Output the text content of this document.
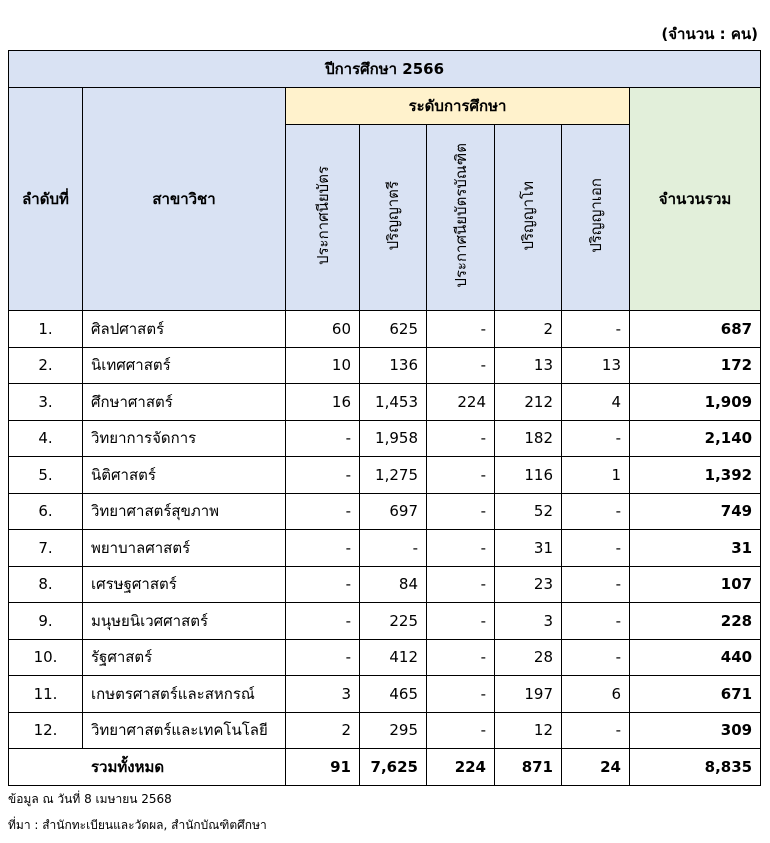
(จำนวน : คน)
ปีการศึกษา 2566							
ลำดับที่	สาขาวิชา	ระดับการศึกษา					จำนวนรวม
		ประกาศนียบัตร	ปริญญาตรี	ประกาศนียบัตรบัณฑิต	ปริญญาโท	ปริญญาเอก	
1.	ศิลปศาสตร์	60	625	-	2	-	687
2.	นิเทศศาสตร์	10	136	-	13	13	172
3.	ศึกษาศาสตร์	16	1,453	224	212	4	1,909
4.	วิทยาการจัดการ	-	1,958	-	182	-	2,140
5.	นิติศาสตร์	-	1,275	-	116	1	1,392
6.	วิทยาศาสตร์สุขภาพ	-	697	-	52	-	749
7.	พยาบาลศาสตร์	-	-	-	31	-	31
8.	เศรษฐศาสตร์	-	84	-	23	-	107
9.	มนุษยนิเวศศาสตร์	-	225	-	3	-	228
10.	รัฐศาสตร์	-	412	-	28	-	440
11.	เกษตรศาสตร์และสหกรณ์	3	465	-	197	6	671
12.	วิทยาศาสตร์และเทคโนโลยี	2	295	-	12	-	309
รวมทั้งหมด		91	7,625	224	871	24	8,835
ข้อมูล ณ วันที่ 8 เมษายน 2568
ที่มา : สำนักทะเบียนและวัดผล, สำนักบัณฑิตศึกษา
